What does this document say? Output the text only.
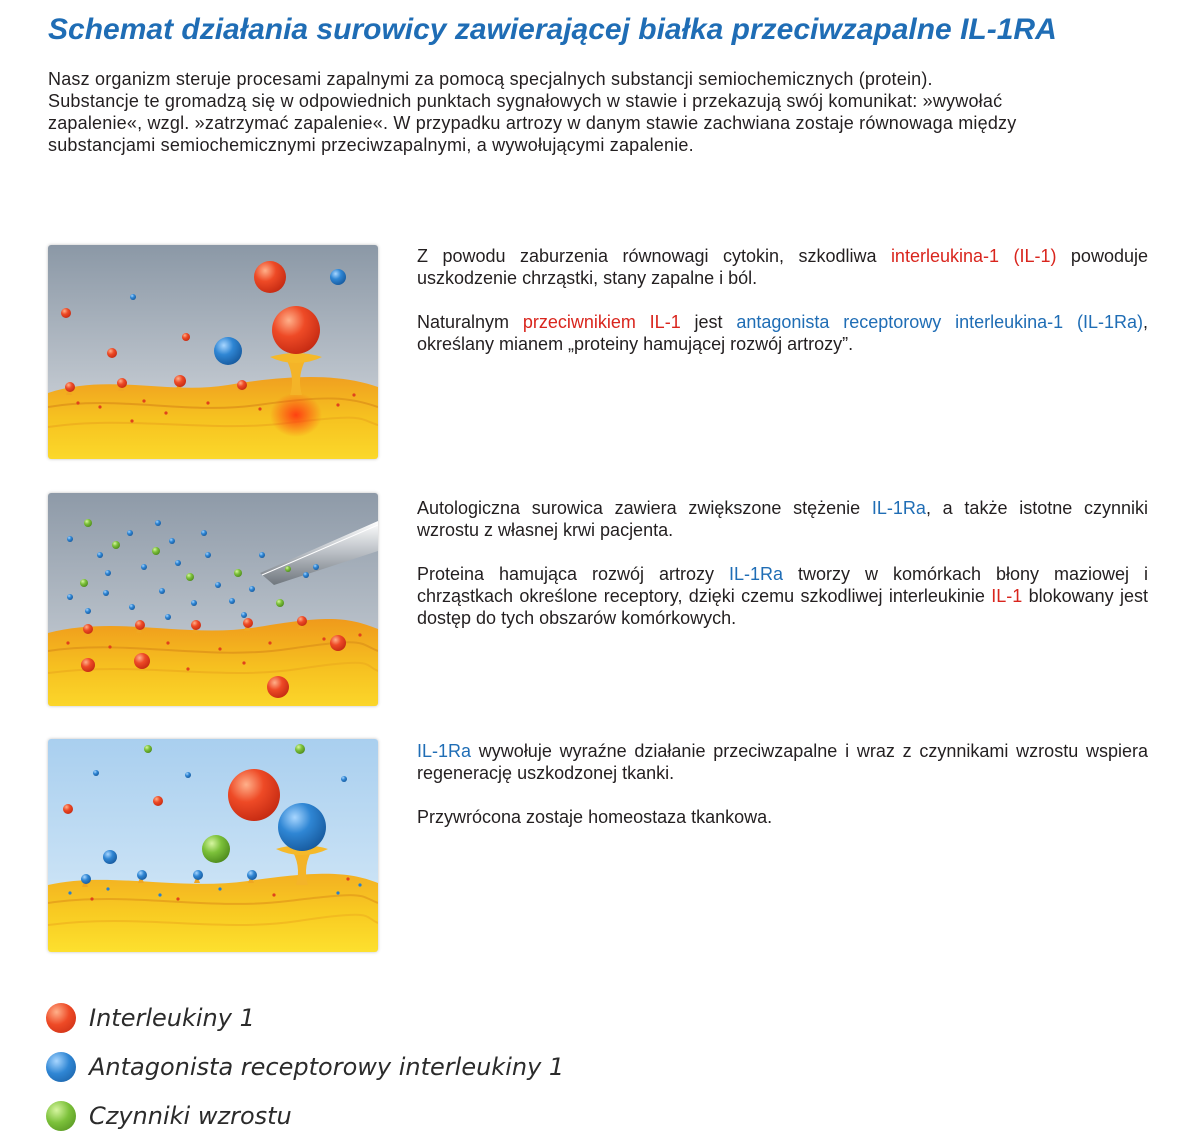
Schemat działania surowicy zawierającej białka przeciwzapalne IL-1RA
Nasz organizm steruje procesami zapalnymi za pomocą specjalnych substancji semiochemicznych (protein).
Substancje te gromadzą się w odpowiednich punktach sygnałowych w stawie i przekazują swój komunikat: »wywołać
zapalenie«, wzgl. »zatrzymać zapalenie«. W przypadku artrozy w danym stawie zachwiana zostaje równowaga między
substancjami semiochemicznymi przeciwzapalnymi, a wywołującymi zapalenie.

Z powodu zaburzenia równowagi cytokin, szkodliwa interleukina-1 (IL-1) powoduje uszkodzenie chrząstki, stany zapalne i ból.

Naturalnym przeciwnikiem IL-1 jest antagonista receptorowy interleukina-1 (IL-1Ra), określany mianem „proteiny hamującej rozwój artrozy”.

Autologiczna surowica zawiera zwiększone stężenie IL-1Ra, a także istotne czynniki wzrostu z własnej krwi pacjenta.

Proteina hamująca rozwój artrozy IL-1Ra tworzy w komórkach błony maziowej i chrząstkach określone receptory, dzięki czemu szkodliwej interleukinie IL-1 blokowany jest dostęp do tych obszarów komórkowych.

IL-1Ra wywołuje wyraźne działanie przeciwzapalne i wraz z czynnikami wzrostu wspiera regenerację uszkodzonej tkanki.

Przywrócona zostaje homeostaza tkankowa.

Interleukiny 1
Antagonista receptorowy interleukiny 1
Czynniki wzrostu
